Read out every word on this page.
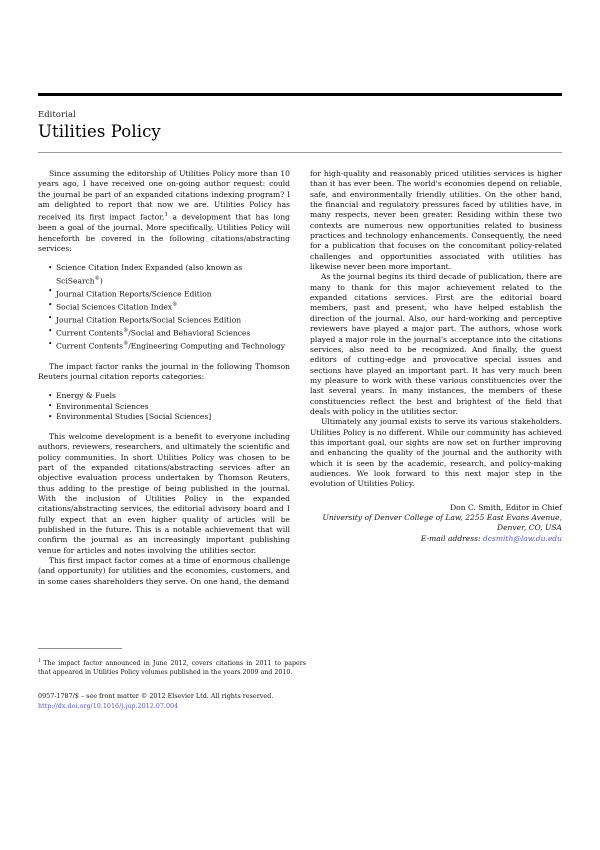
Editorial
Utilities Policy

Since assuming the editorship of Utilities Policy more than 10 years ago, I have received one on-going author request: could the journal be part of an expanded citations indexing program? I am delighted to report that now we are. Utilities Policy has received its first impact factor,$^1$ a development that has long been a goal of the journal. More specifically, Utilities Policy will henceforth be covered in the following citations/abstracting services:

• Science Citation Index Expanded (also known as SciSearch®)
• Journal Citation Reports/Science Edition
• Social Sciences Citation Index®
• Journal Citation Reports/Social Sciences Edition
• Current Contents®/Social and Behavioral Sciences
• Current Contents®/Engineering Computing and Technology

The impact factor ranks the journal in the following Thomson Reuters journal citation reports categories:

• Energy & Fuels
• Environmental Sciences
• Environmental Studies [Social Sciences]

This welcome development is a benefit to everyone including authors, reviewers, researchers, and ultimately the scientific and policy communities. In short Utilities Policy was chosen to be part of the expanded citations/abstracting services after an objective evaluation process undertaken by Thomson Reuters, thus adding to the prestige of being published in the journal. With the inclusion of Utilities Policy in the expanded citations/abstracting services, the editorial advisory board and I fully expect that an even higher quality of articles will be published in the future. This is a notable achievement that will confirm the journal as an increasingly important publishing venue for articles and notes involving the utilities sector.

This first impact factor comes at a time of enormous challenge (and opportunity) for utilities and the economies, customers, and in some cases shareholders they serve. On one hand, the demand

for high-quality and reasonably priced utilities services is higher than it has ever been. The world's economies depend on reliable, safe, and environmentally friendly utilities. On the other hand, the financial and regulatory pressures faced by utilities have, in many respects, never been greater. Residing within these two contexts are numerous new opportunities related to business practices and technology enhancements. Consequently, the need for a publication that focuses on the concomitant policy-related challenges and opportunities associated with utilities has likewise never been more important.

As the journal begins its third decade of publication, there are many to thank for this major achievement related to the expanded citations services. First are the editorial board members, past and present, who have helped establish the direction of the journal. Also, our hard-working and perceptive reviewers have played a major part. The authors, whose work played a major role in the journal's acceptance into the citations services, also need to be recognized. And finally, the guest editors of cutting-edge and provocative special issues and sections have played an important part. It has very much been my pleasure to work with these various constituencies over the last several years. In many instances, the members of these constituencies reflect the best and brightest of the field that deals with policy in the utilities sector.

Ultimately any journal exists to serve its various stakeholders. Utilities Policy is no different. While our community has achieved this important goal, our sights are now set on further improving and enhancing the quality of the journal and the authority with which it is seen by the academic, research, and policy-making audiences. We look forward to this next major step in the evolution of Utilities Policy.

Don C. Smith, Editor in Chief
University of Denver College of Law, 2255 East Evans Avenue,
Denver, CO, USA
E-mail address: dcsmith@law.du.edu
$^1$ The impact factor announced in June 2012, covers citations in 2011 to papers that appeared in Utilities Policy volumes published in the years 2009 and 2010.
0957-1787/$ – see front matter © 2012 Elsevier Ltd. All rights reserved.
http://dx.doi.org/10.1016/j.jup.2012.07.004
